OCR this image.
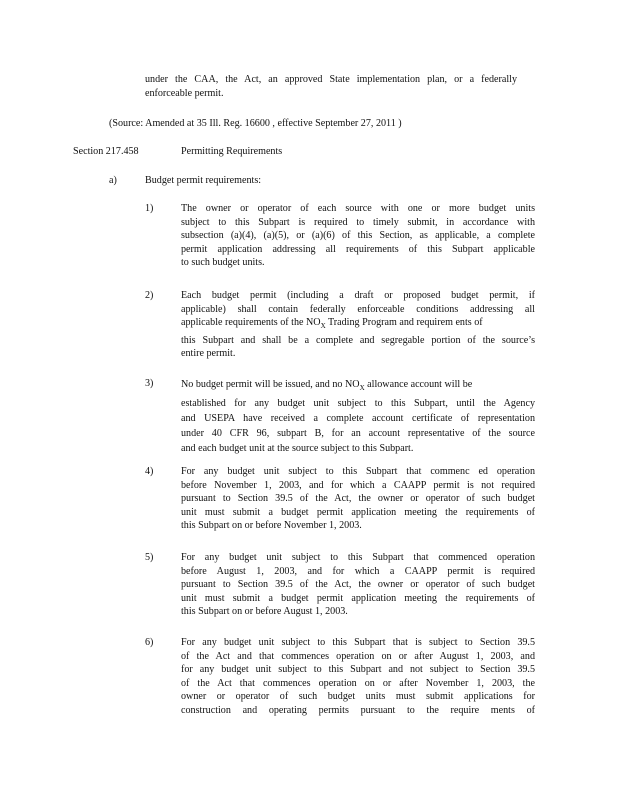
under the CAA, the Act, an approved State implementation plan, or a federally
enforceable permit.
(Source: Amended at 35 Ill. Reg. 16600 , effective September 27, 2011 )
Section 217.458	Permitting Requirements
a)	Budget permit requirements:
1)	The owner or operator of each source with one or more budget units
subject to this Subpart is required to timely submit, in accordance with
subsection (a)(4), (a)(5), or (a)(6) of this Section, as applicable, a complete
permit application addressing all requirements of this Subpart applicable
to such budget units.
2)	Each budget permit (including a draft or proposed budget permit, if
applicable) shall contain federally enforceable conditions addressing all
applicable requirements of the $NO_X$ Trading Program and requirem ents of
this Subpart and shall be a complete and segregable portion of the source’s
entire permit.
3)	No budget permit will be issued, and no $NO_X$ allowance account will be
established for any budget unit subject to this Subpart, until the Agency
and USEPA have received a complete account certificate of representation
under 40 CFR 96, subpart B, for an account representative of the source
and each budget unit at the source subject to this Subpart.
4)	For any budget unit subject to this Subpart that commenc ed operation
before November 1, 2003, and for which a CAAPP permit is not required
pursuant to Section 39.5 of the Act, the owner or operator of such budget
unit must submit a budget permit application meeting the requirements of
this Subpart on or before November 1, 2003.
5)	For any budget unit subject to this Subpart that commenced operation
before August 1, 2003, and for which a CAAPP permit is required
pursuant to Section 39.5 of the Act, the owner or operator of such budget
unit must submit a budget permit application meeting the requirements of
this Subpart on or before August 1, 2003.
6)	For any budget unit subject to this Subpart that is subject to Section 39.5
of the Act and that commences operation on or after August 1, 2003, and
for any budget unit subject to this Subpart and not subject to Section 39.5
of the Act that commences operation on or after November 1, 2003, the
owner or operator of such budget units must submit applications for
construction and operating permits pursuant to the require ments of
